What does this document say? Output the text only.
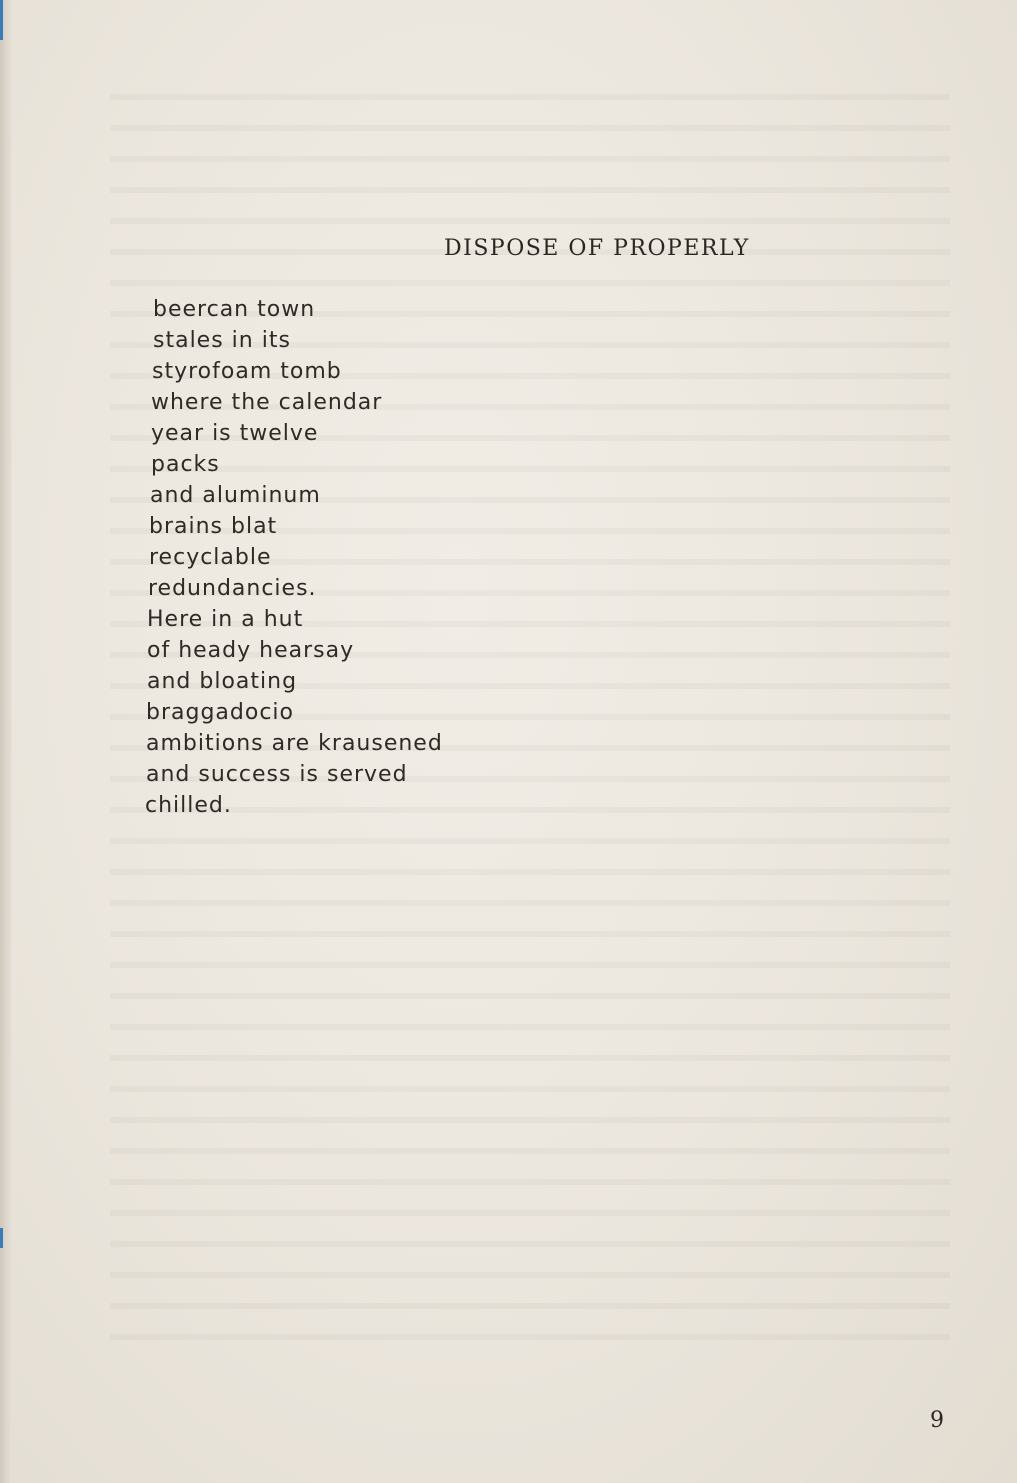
DISPOSE OF PROPERLY
beercan town
stales in its
styrofoam tomb
where the calendar
year is twelve
packs
and aluminum
brains blat
recyclable
redundancies.
Here in a hut
of heady hearsay
and bloating
braggadocio
ambitions are krausened
and success is served
chilled.
9
